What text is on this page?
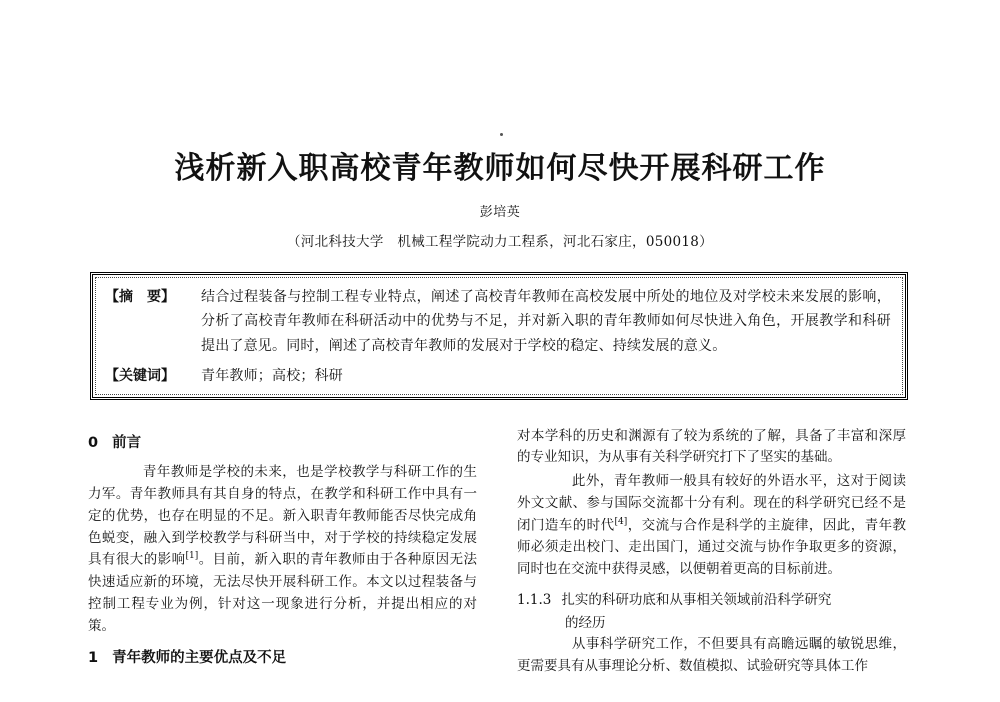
浅析新入职高校青年教师如何尽快开展科研工作
彭培英
（河北科技大学　机械工程学院动力工程系，河北石家庄，050018）
【摘　要】	结合过程装备与控制工程专业特点，阐述了高校青年教师在高校发展中所处的地位及对学校未来发展的影响，分析了高校青年教师在科研活动中的优势与不足，并对新入职的青年教师如何尽快进入角色，开展教学和科研提出了意见。同时，阐述了高校青年教师的发展对于学校的稳定、持续发展的意义。
【关键词】	青年教师；高校；科研
0 前言

　　青年教师是学校的未来，也是学校教学与科研工作的生力军。青年教师具有其自身的特点，在教学和科研工作中具有一定的优势，也存在明显的不足。新入职青年教师能否尽快完成角色蜕变，融入到学校教学与科研当中，对于学校的持续稳定发展具有很大的影响[1]。目前，新入职的青年教师由于各种原因无法快速适应新的环境，无法尽快开展科研工作。本文以过程装备与控制工程专业为例，针对这一现象进行分析，并提出相应的对策。

1 青年教师的主要优点及不足

对本学科的历史和渊源有了较为系统的了解，具备了丰富和深厚的专业知识，为从事有关科学研究打下了坚实的基础。

　　此外，青年教师一般具有较好的外语水平，这对于阅读外文文献、参与国际交流都十分有利。现在的科学研究已经不是闭门造车的时代[4]，交流与合作是科学的主旋律，因此，青年教师必须走出校门、走出国门，通过交流与协作争取更多的资源，同时也在交流中获得灵感，以便朝着更高的目标前进。

1.1.3 扎实的科研功底和从事相关领域前沿科学研究
的经历

　　从事科学研究工作，不但要具有高瞻远瞩的敏锐思维，更需要具有从事理论分析、数值模拟、试验研究等具体工作
